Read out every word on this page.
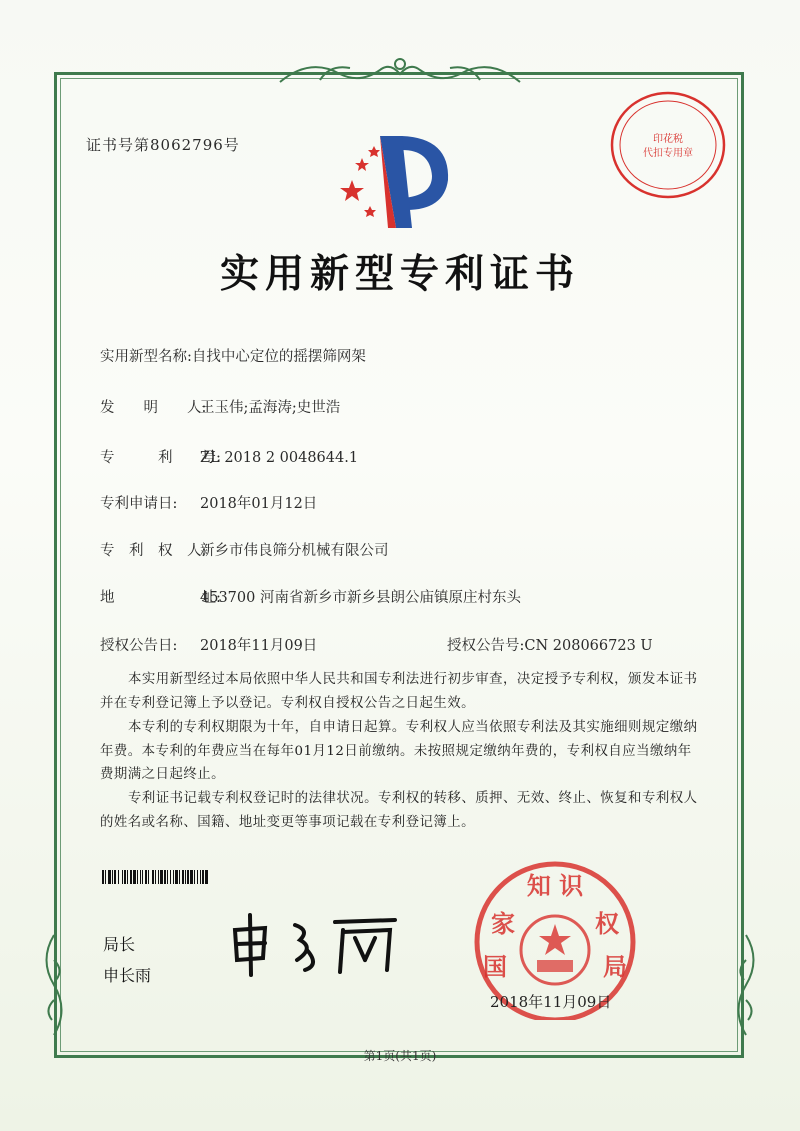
证书号第8062796号	印花税
代扣专用章
实用新型专利证书
实用新型名称:自找中心定位的摇摆筛网架
发　　明　　人:王玉伟;孟海涛;史世浩
专　　　利　　号:ZL 2018 2 0048644.1
专利申请日: 2018年01月12日
专　利　权　人:新乡市伟良筛分机械有限公司
地　　　　　　址:453700 河南省新乡市新乡县朗公庙镇原庄村东头
授权公告日: 2018年11月09日	授权公告号:CN 208066723 U

本实用新型经过本局依照中华人民共和国专利法进行初步审查，决定授予专利权，颁发本证书并在专利登记簿上予以登记。专利权自授权公告之日起生效。

本专利的专利权期限为十年，自申请日起算。专利权人应当依照专利法及其实施细则规定缴纳年费。本专利的年费应当在每年01月12日前缴纳。未按照规定缴纳年费的，专利权自应当缴纳年费期满之日起终止。

专利证书记载专利权登记时的法律状况。专利权的转移、质押、无效、终止、恢复和专利权人的姓名或名称、国籍、地址变更等事项记载在专利登记簿上。

知 识
家	权
国	局
2018年11月09日
局长
申长雨
第1页(共1页)
